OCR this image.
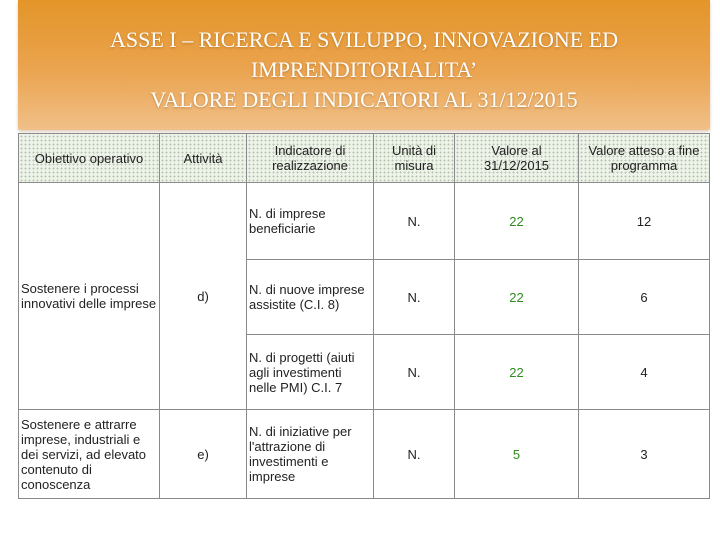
ASSE I – RICERCA E SVILUPPO, INNOVAZIONE ED
IMPRENDITORIALITA’
VALORE DEGLI INDICATORI AL 31/12/2015
Obiettivo operativo	Attività	Indicatore di realizzazione	Unità di misura	Valore al 31/12/2015	Valore atteso a fine programma
Sostenere i processi innovativi delle imprese	d)	N. di imprese beneficiarie	N.	22	12
		N. di nuove imprese assistite (C.I. 8)	N.	22	6
		N. di progetti (aiuti agli investimenti nelle PMI) C.I. 7	N.	22	4
Sostenere e attrarre imprese, industriali e dei servizi, ad elevato contenuto di conoscenza	e)	N. di iniziative per l'attrazione di investimenti e imprese	N.	5	3
